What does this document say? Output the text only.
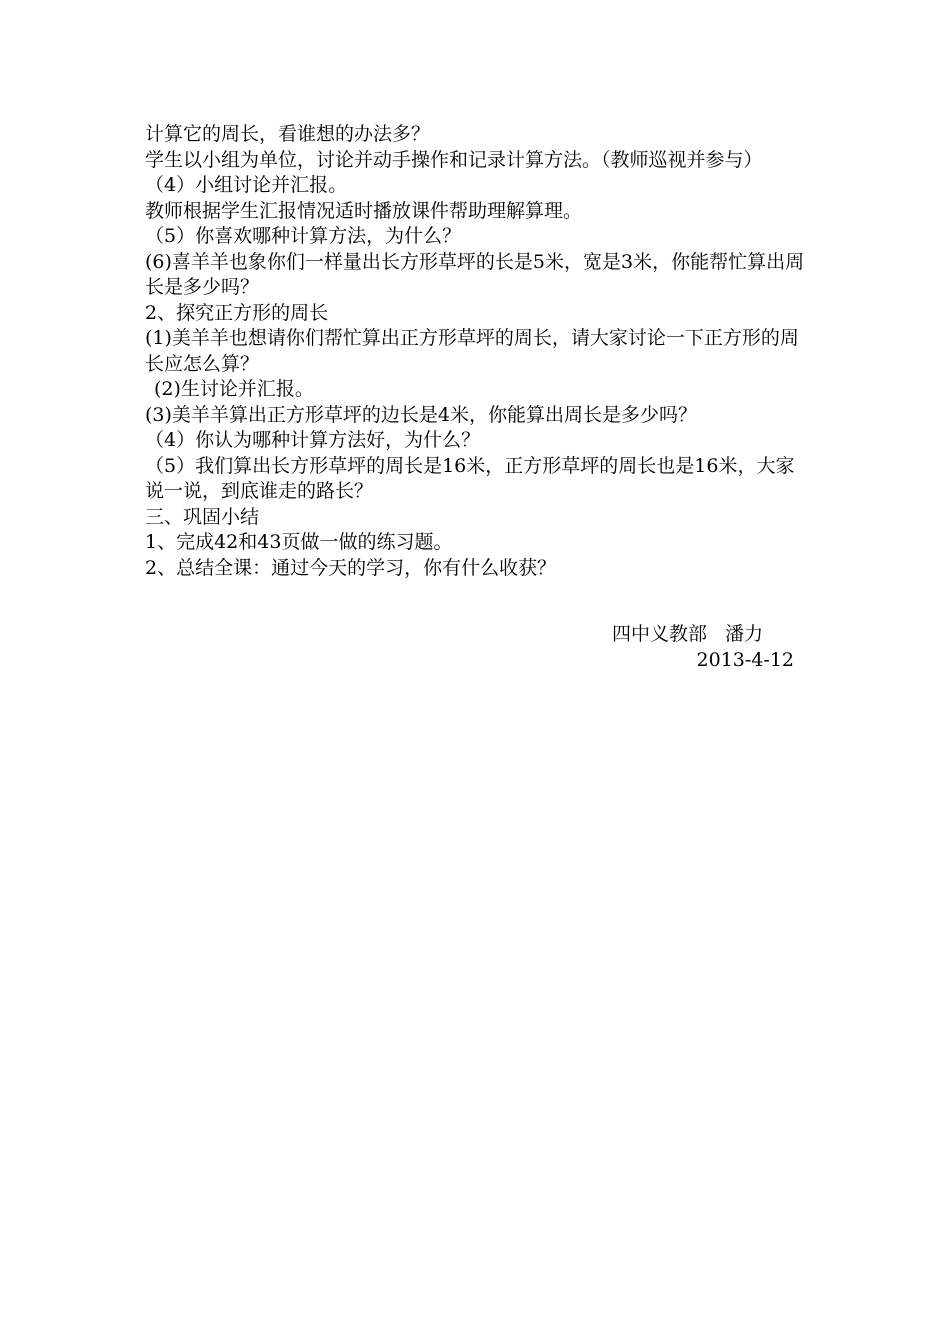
计算它的周长，看谁想的办法多？

学生以小组为单位，讨论并动手操作和记录计算方法。（教师巡视并参与）

（4）小组讨论并汇报。

教师根据学生汇报情况适时播放课件帮助理解算理。

（5）你喜欢哪种计算方法，为什么？

(6)喜羊羊也象你们一样量出长方形草坪的长是5米，宽是3米，你能帮忙算出周长是多少吗？

2、探究正方形的周长

(1)美羊羊也想请你们帮忙算出正方形草坪的周长，请大家讨论一下正方形的周长应怎么算？

(2)生讨论并汇报。

(3)美羊羊算出正方形草坪的边长是4米，你能算出周长是多少吗？

（4）你认为哪种计算方法好，为什么？

（5）我们算出长方形草坪的周长是16米，正方形草坪的周长也是16米，大家说一说，到底谁走的路长？

三、巩固小结

1、完成42和43页做一做的练习题。

2、总结全课：通过今天的学习，你有什么收获？

四中义教部   潘力
2013-4-12
